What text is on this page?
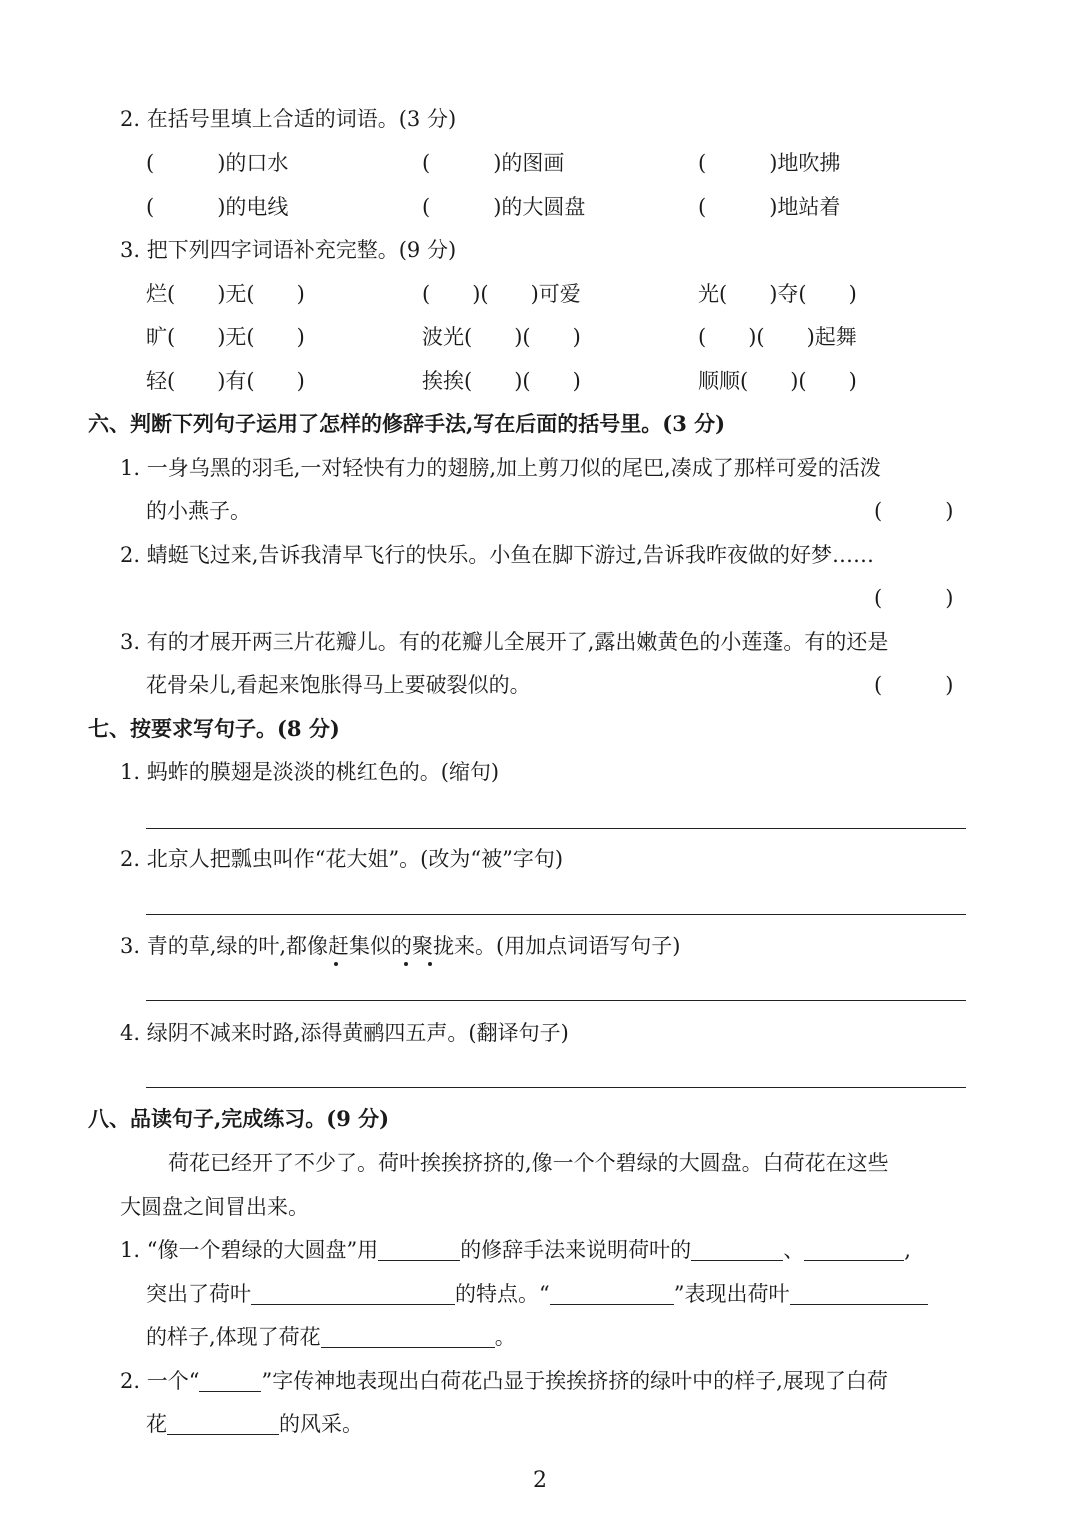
2. 在括号里填上合适的词语。(3 分)
(　　　)的口水	(　　　)的图画	(　　　)地吹拂
(　　　)的电线	(　　　)的大圆盘	(　　　)地站着
3. 把下列四字词语补充完整。(9 分)
烂(　　)无(　　)	(　　)(　　)可爱	光(　　)夺(　　)
旷(　　)无(　　)	波光(　　)(　　)	(　　)(　　)起舞
轻(　　)有(　　)	挨挨(　　)(　　)	顺顺(　　)(　　)
六、判断下列句子运用了怎样的修辞手法,写在后面的括号里。(3 分)
1. 一身乌黑的羽毛,一对轻快有力的翅膀,加上剪刀似的尾巴,凑成了那样可爱的活泼
的小燕子。	(　　　)
2. 蜻蜓飞过来,告诉我清早飞行的快乐。小鱼在脚下游过,告诉我昨夜做的好梦……
(　　　)
3. 有的才展开两三片花瓣儿。有的花瓣儿全展开了,露出嫩黄色的小莲蓬。有的还是
花骨朵儿,看起来饱胀得马上要破裂似的。	(　　　)
七、按要求写句子。(8 分)
1. 蚂蚱的膜翅是淡淡的桃红色的。(缩句)
2. 北京人把瓢虫叫作“花大姐”。(改为“被”字句)
3. 青的草,绿的叶,都像赶集似的聚拢来。(用加点词语写句子)
4. 绿阴不减来时路,添得黄鹂四五声。(翻译句子)
八、品读句子,完成练习。(9 分)
荷花已经开了不少了。荷叶挨挨挤挤的,像一个个碧绿的大圆盘。白荷花在这些
大圆盘之间冒出来。
1. “像一个碧绿的大圆盘”用	的修辞手法来说明荷叶的	、	,
突出了荷叶	的特点。“	”表现出荷叶
的样子,体现了荷花	。
2. 一个“	”字传神地表现出白荷花凸显于挨挨挤挤的绿叶中的样子,展现了白荷
花	的风采。
2
